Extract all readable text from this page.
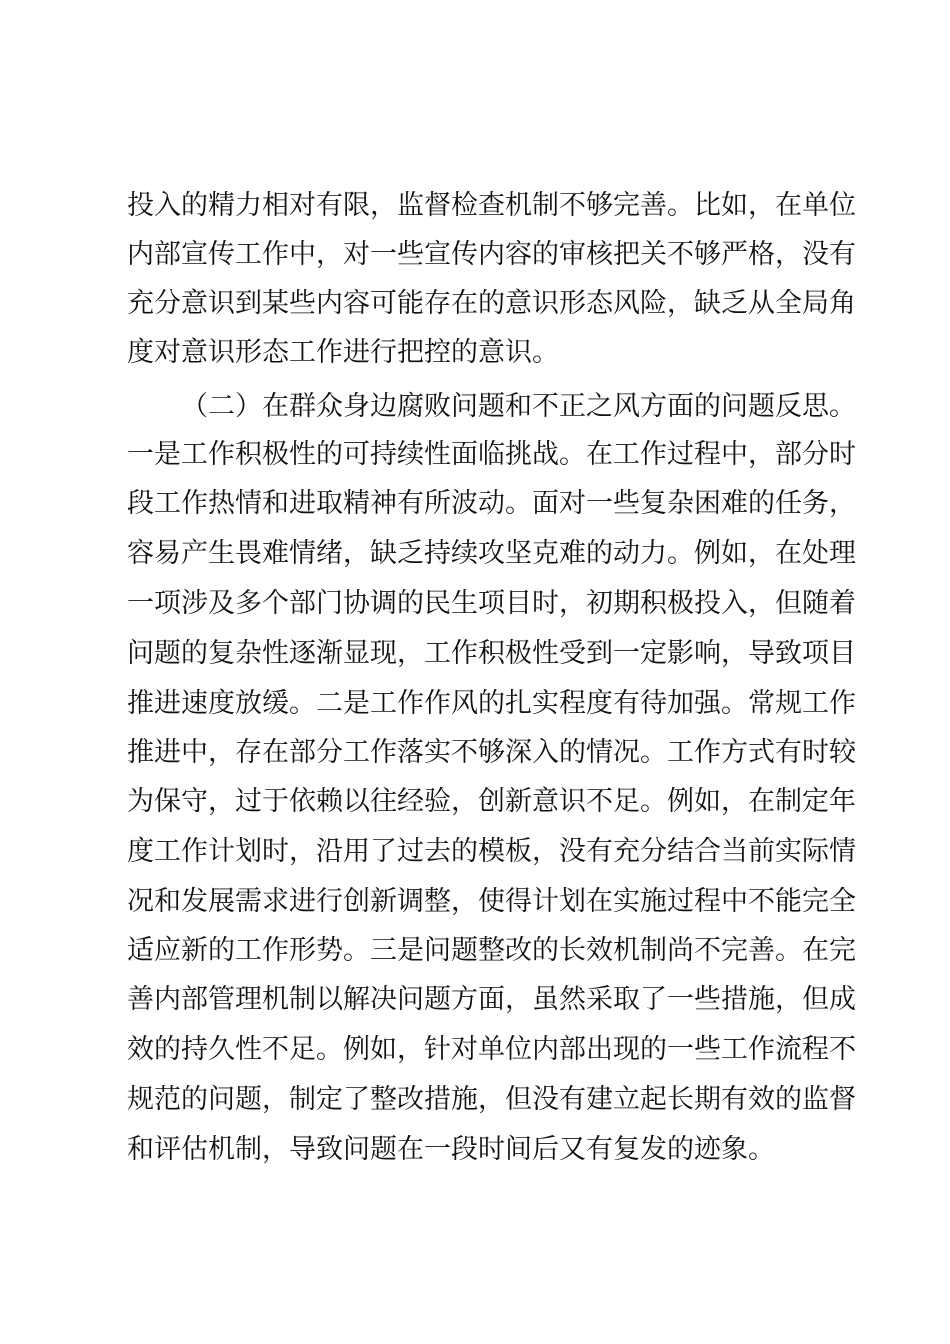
投入的精力相对有限，监督检查机制不够完善。比如，在单位
内部宣传工作中，对一些宣传内容的审核把关不够严格，没有
充分意识到某些内容可能存在的意识形态风险，缺乏从全局角
度对意识形态工作进行把控的意识。
（二）在群众身边腐败问题和不正之风方面的问题反思。
一是工作积极性的可持续性面临挑战。在工作过程中，部分时
段工作热情和进取精神有所波动。面对一些复杂困难的任务，
容易产生畏难情绪，缺乏持续攻坚克难的动力。例如，在处理
一项涉及多个部门协调的民生项目时，初期积极投入，但随着
问题的复杂性逐渐显现，工作积极性受到一定影响，导致项目
推进速度放缓。二是工作作风的扎实程度有待加强。常规工作
推进中，存在部分工作落实不够深入的情况。工作方式有时较
为保守，过于依赖以往经验，创新意识不足。例如，在制定年
度工作计划时，沿用了过去的模板，没有充分结合当前实际情
况和发展需求进行创新调整，使得计划在实施过程中不能完全
适应新的工作形势。三是问题整改的长效机制尚不完善。在完
善内部管理机制以解决问题方面，虽然采取了一些措施，但成
效的持久性不足。例如，针对单位内部出现的一些工作流程不
规范的问题，制定了整改措施，但没有建立起长期有效的监督
和评估机制，导致问题在一段时间后又有复发的迹象。
